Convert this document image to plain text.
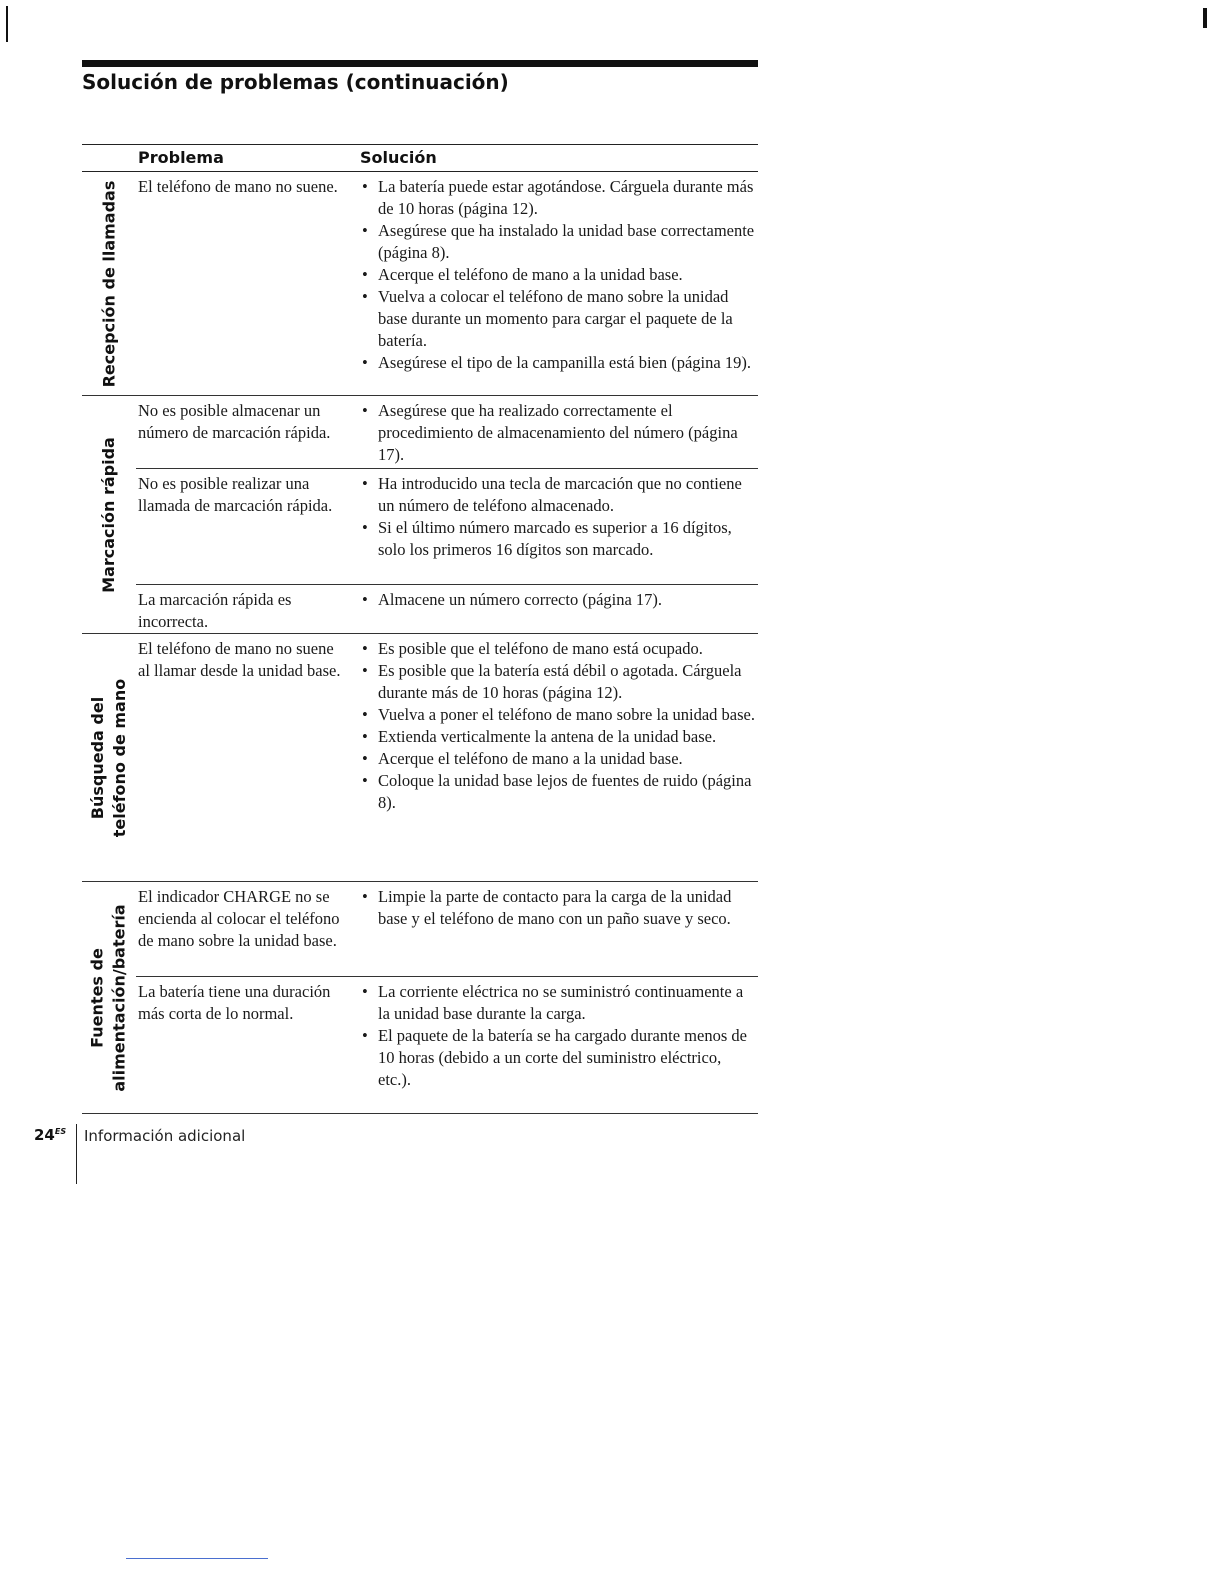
Solución de problemas (continuación)
Problema	Solución
Recepción de llamadas El teléfono de mano no suene.

•	La batería puede estar agotándose. Cárguela durante más de 10 horas (página 12).
• Asegúrese que ha instalado la unidad base correctamente (página 8).
• Acerque el teléfono de mano a la unidad base.
• Vuelva a colocar el teléfono de mano sobre la unidad base durante un momento para cargar el paquete de la batería.
• Asegúrese el tipo de la campanilla está bien (página 19).
Marcación rápida

No es posible almacenar un número de marcación rápida.

• Asegúrese que ha realizado correctamente el procedimiento de almacenamiento del número (página 17).

No es posible realizar una llamada de marcación rápida.

• Ha introducido una tecla de marcación que no contiene un número de teléfono almacenado.
• Si el último número marcado es superior a 16 dígitos, solo los primeros 16 dígitos son marcado.

La marcación rápida es incorrecta.

• Almacene un número correcto (página 17).
Búsqueda del
teléfono de mano

El teléfono de mano no suene al llamar desde la unidad base.

• Es posible que el teléfono de mano está ocupado.
• Es posible que la batería está débil o agotada. Cárguela durante más de 10 horas (página 12).
• Vuelva a poner el teléfono de mano sobre la unidad base.
• Extienda verticalmente la antena de la unidad base.
• Acerque el teléfono de mano a la unidad base.
• Coloque la unidad base lejos de fuentes de ruido (página 8).
Fuentes de
alimentación/batería

El indicador CHARGE no se encienda al colocar el teléfono de mano sobre la unidad base.

• Limpie la parte de contacto para la carga de la unidad base y el teléfono de mano con un paño suave y seco.

La batería tiene una duración más corta de lo normal.

• La corriente eléctrica no se suministró continuamente a la unidad base durante la carga.
• El paquete de la batería se ha cargado durante menos de 10 horas (debido a un corte del suministro eléctrico, etc.).
$24^{ES}$ Información adicional
